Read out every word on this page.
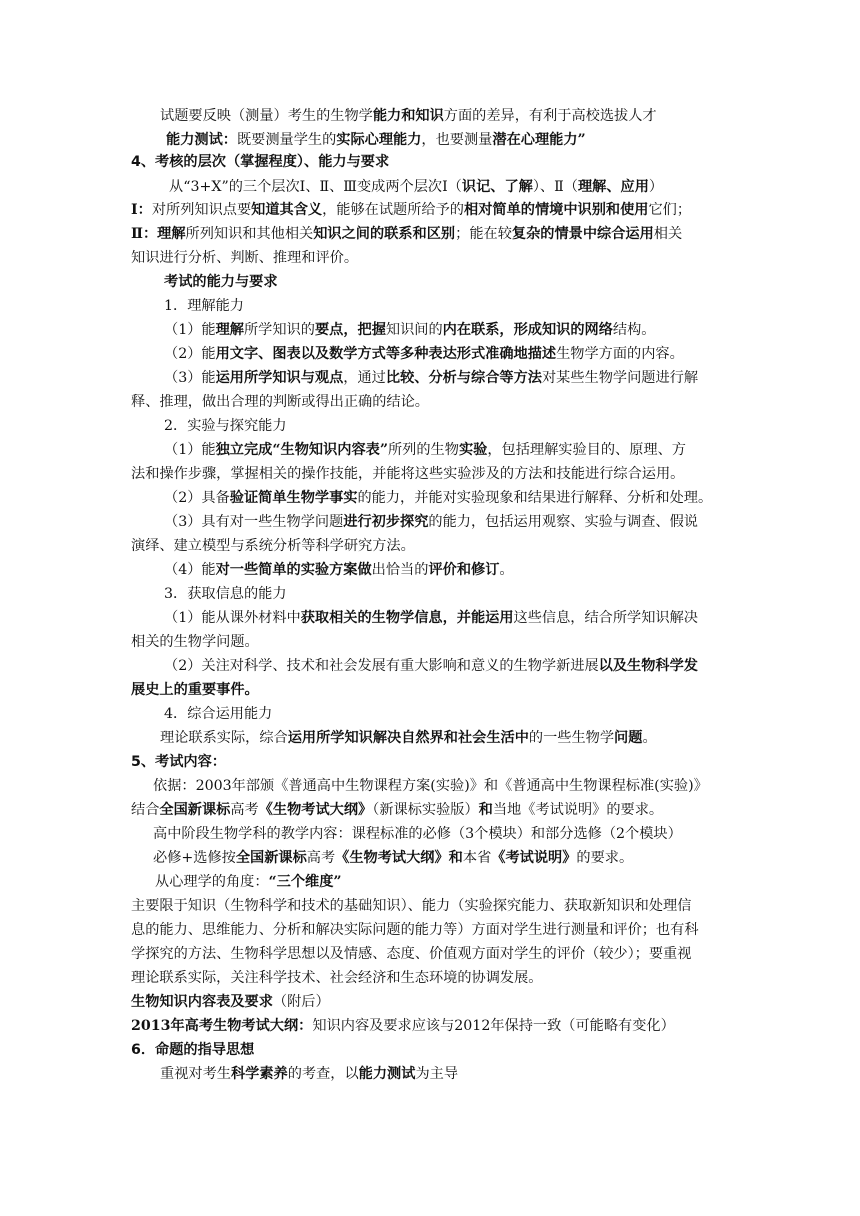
试题要反映（测量）考生的生物学能力和知识方面的差异，有利于高校选拔人才
能力测试：既要测量学生的实际心理能力，也要测量潜在心理能力”
4、考核的层次（掌握程度）、能力与要求
从“3+X”的三个层次Ⅰ、Ⅱ、Ⅲ变成两个层次Ⅰ（识记、了解）、Ⅱ（理解、应用）
Ⅰ：对所列知识点要知道其含义，能够在试题所给予的相对简单的情境中识别和使用它们；
Ⅱ：理解所列知识和其他相关知识之间的联系和区别；能在较复杂的情景中综合运用相关
知识进行分析、判断、推理和评价。
考试的能力与要求
1．理解能力
（1）能理解所学知识的要点，把握知识间的内在联系，形成知识的网络结构。
（2）能用文字、图表以及数学方式等多种表达形式准确地描述生物学方面的内容。
（3）能运用所学知识与观点，通过比较、分析与综合等方法对某些生物学问题进行解
释、推理，做出合理的判断或得出正确的结论。
2．实验与探究能力
（1）能独立完成“生物知识内容表”所列的生物实验，包括理解实验目的、原理、方
法和操作步骤，掌握相关的操作技能，并能将这些实验涉及的方法和技能进行综合运用。
（2）具备验证简单生物学事实的能力，并能对实验现象和结果进行解释、分析和处理。
（3）具有对一些生物学问题进行初步探究的能力，包括运用观察、实验与调查、假说
演绎、建立模型与系统分析等科学研究方法。
（4）能对一些简单的实验方案做出恰当的评价和修订。
3．获取信息的能力
（1）能从课外材料中获取相关的生物学信息，并能运用这些信息，结合所学知识解决
相关的生物学问题。
（2）关注对科学、技术和社会发展有重大影响和意义的生物学新进展以及生物科学发
展史上的重要事件。
4．综合运用能力
理论联系实际，综合运用所学知识解决自然界和社会生活中的一些生物学问题。
5、考试内容：
依据：2003年部颁《普通高中生物课程方案(实验)》和《普通高中生物课程标准(实验)》
结合全国新课标高考《生物考试大纲》（新课标实验版）和当地《考试说明》的要求。
高中阶段生物学科的教学内容：课程标准的必修（3个模块）和部分选修（2个模块）
必修+选修按全国新课标高考《生物考试大纲》和本省《考试说明》的要求。
从心理学的角度：“三个维度”
主要限于知识（生物科学和技术的基础知识）、能力（实验探究能力、获取新知识和处理信
息的能力、思维能力、分析和解决实际问题的能力等）方面对学生进行测量和评价；也有科
学探究的方法、生物科学思想以及情感、态度、价值观方面对学生的评价（较少）；要重视
理论联系实际，关注科学技术、社会经济和生态环境的协调发展。
生物知识内容表及要求（附后）
2013年高考生物考试大纲：知识内容及要求应该与2012年保持一致（可能略有变化）
6．命题的指导思想
重视对考生科学素养的考查，以能力测试为主导
